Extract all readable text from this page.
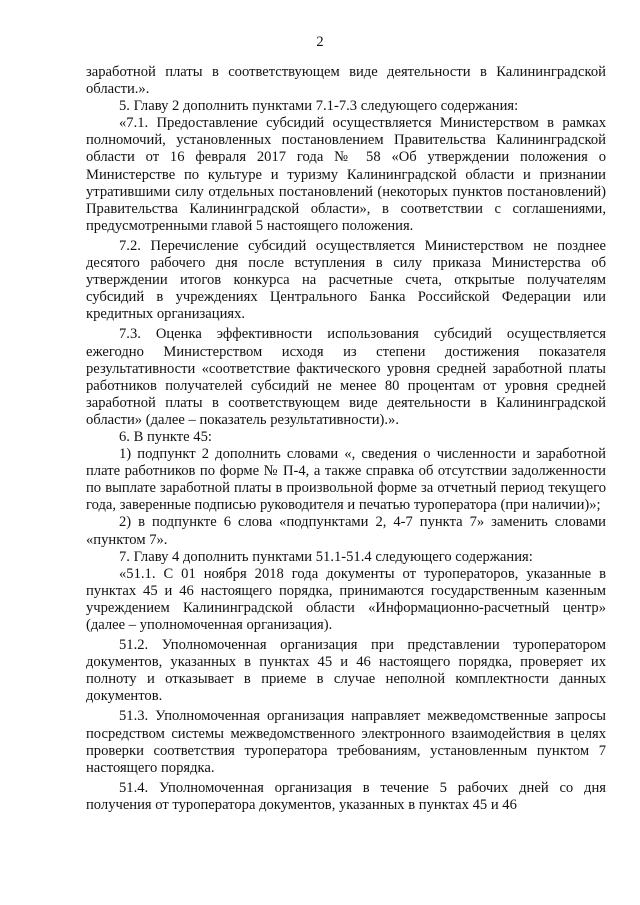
2

заработной платы в соответствующем виде деятельности в Калининградской области.».

5. Главу 2 дополнить пунктами 7.1-7.3 следующего содержания:

«7.1. Предоставление субсидий осуществляется Министерством в рамках полномочий, установленных постановлением Правительства Калининградской области от 16 февраля 2017 года № 58 «Об утверждении положения о Министерстве по культуре и туризму Калининградской области и признании утратившими силу отдельных постановлений (некоторых пунктов постановлений) Правительства Калининградской области», в соответствии с соглашениями, предусмотренными главой 5 настоящего положения.

7.2. Перечисление субсидий осуществляется Министерством не позднее десятого рабочего дня после вступления в силу приказа Министерства об утверждении итогов конкурса на расчетные счета, открытые получателям субсидий в учреждениях Центрального Банка Российской Федерации или кредитных организациях.

7.3. Оценка эффективности использования субсидий осуществляется ежегодно Министерством исходя из степени достижения показателя результативности «соответствие фактического уровня средней заработной платы работников получателей субсидий не менее 80 процентам от уровня средней заработной платы в соответствующем виде деятельности в Калининградской области» (далее – показатель результативности).».

6. В пункте 45:

1) подпункт 2 дополнить словами «, сведения о численности и заработной плате работников по форме № П-4, а также справка об отсутствии задолженности по выплате заработной платы в произвольной форме за отчетный период текущего года, заверенные подписью руководителя и печатью туроператора (при наличии)»;

2) в подпункте 6 слова «подпунктами 2, 4-7 пункта 7» заменить словами «пунктом 7».

7. Главу 4 дополнить пунктами 51.1-51.4 следующего содержания:

«51.1. С 01 ноября 2018 года документы от туроператоров, указанные в пунктах 45 и 46 настоящего порядка, принимаются государственным казенным учреждением Калининградской области «Информационно-расчетный центр» (далее – уполномоченная организация).

51.2. Уполномоченная организация при представлении туроператором документов, указанных в пунктах 45 и 46 настоящего порядка, проверяет их полноту и отказывает в приеме в случае неполной комплектности данных документов.

51.3. Уполномоченная организация направляет межведомственные запросы посредством системы межведомственного электронного взаимодействия в целях проверки соответствия туроператора требованиям, установленным пунктом 7 настоящего порядка.

51.4. Уполномоченная организация в течение 5 рабочих дней со дня получения от туроператора документов, указанных в пунктах 45 и 46
